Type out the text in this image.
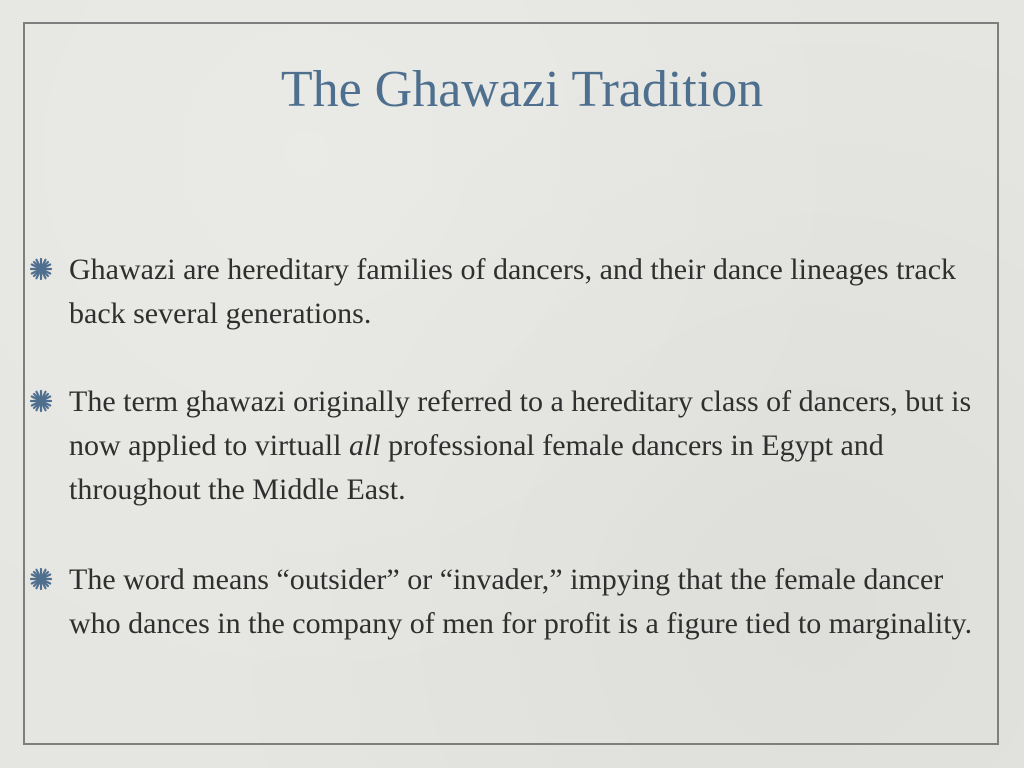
The Ghawazi Tradition

Ghawazi are hereditary families of dancers, and their dance lineages track back several generations.

The term ghawazi originally referred to a hereditary class of dancers, but is now applied to virtuall all professional female dancers in Egypt and throughout the Middle East.

The word means “outsider” or “invader,” impying that the female dancer who dances in the company of men for profit is a figure tied to marginality.
